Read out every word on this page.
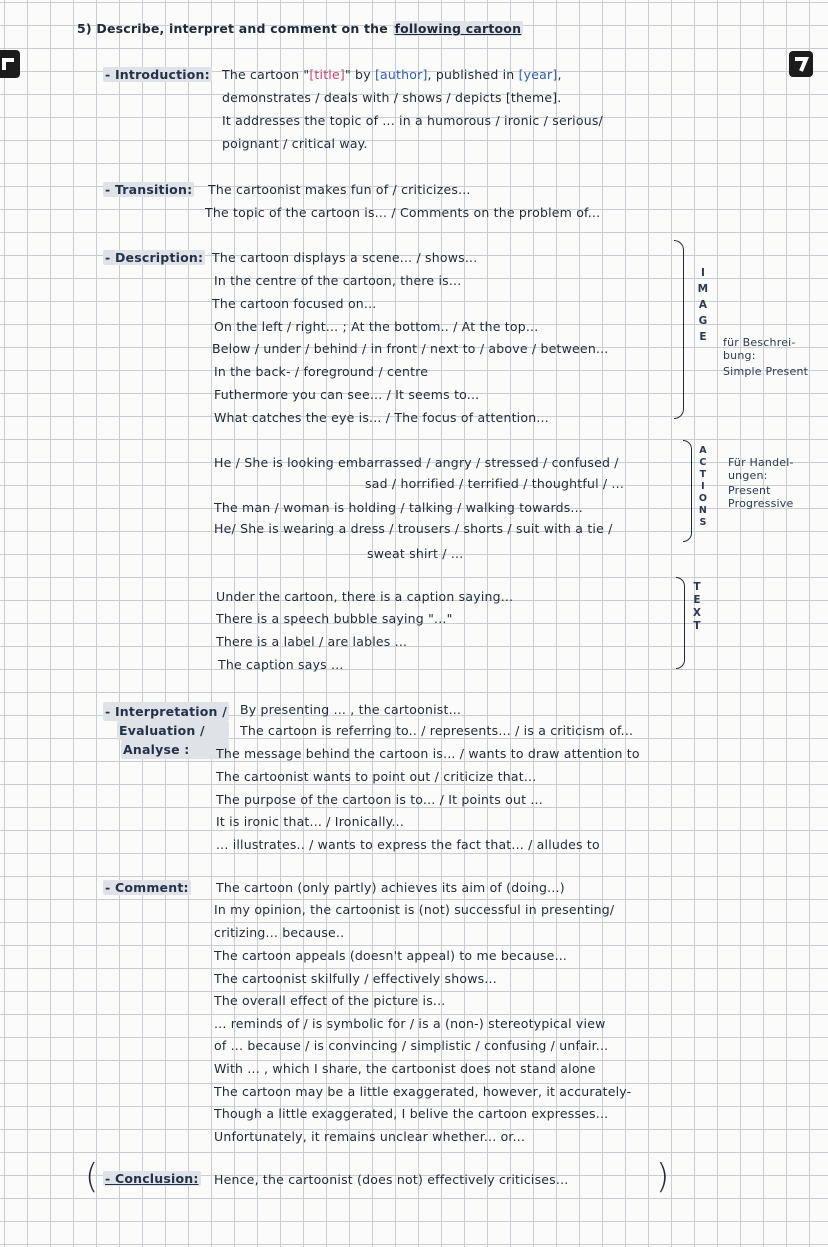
5) Describe, interpret and comment on the following cartoon
- Introduction: The cartoon "[title]" by [author], published in [year],
demonstrates / deals with / shows / depicts [theme].
It addresses the topic of ... in a humorous / ironic / serious/
poignant / critical way.
- Transition: The cartoonist makes fun of / criticizes...
The topic of the cartoon is... / Comments on the problem of...
- Description: The cartoon displays a scene... / shows...
In the centre of the cartoon, there is...
The cartoon focused on...
On the left / right... ; At the bottom.. / At the top...
Below / under / behind / in front / next to / above / between...
In the back- / foreground / centre
Futhermore you can see... / It seems to...
What catches the eye is... / The focus of attention...
I
M
A
G
E für Beschrei-
bung:
Simple Present
He / She is looking embarrassed / angry / stressed / confused /
sad / horrified / terrified / thoughtful / ...
The man / woman is holding / talking / walking towards...
He/ She is wearing a dress / trousers / shorts / suit with a tie /
sweat shirt / ...
A
C
T
I
O
N
S
Für Handel-
ungen:
Present
Progressive
Under the cartoon, there is a caption saying...
There is a speech bubble saying "..."
There is a label / are lables ...
The caption says ...
T
E
X
T
- Interpretation /
Evaluation /
Analyse :
By presenting ... , the cartoonist...
The cartoon is referring to.. / represents... / is a criticism of...
The message behind the cartoon is... / wants to draw attention to
The cartoonist wants to point out / criticize that...
The purpose of the cartoon is to... / It points out ...
It is ironic that... / Ironically...
... illustrates.. / wants to express the fact that... / alludes to
- Comment: The cartoon (only partly) achieves its aim of (doing...)
In my opinion, the cartoonist is (not) successful in presenting/
critizing... because..
The cartoon appeals (doesn't appeal) to me because...
The cartoonist skilfully / effectively shows...
The overall effect of the picture is...
... reminds of / is symbolic for / is a (non-) stereotypical view
of ... because / is convincing / simplistic / confusing / unfair...
With ... , which I share, the cartoonist does not stand alone
The cartoon may be a little exaggerated, however, it accurately-
Though a little exaggerated, I belive the cartoon expresses...
Unfortunately, it remains unclear whether... or...
( - Conclusion: Hence, the cartoonist (does not) effectively criticises...	)
